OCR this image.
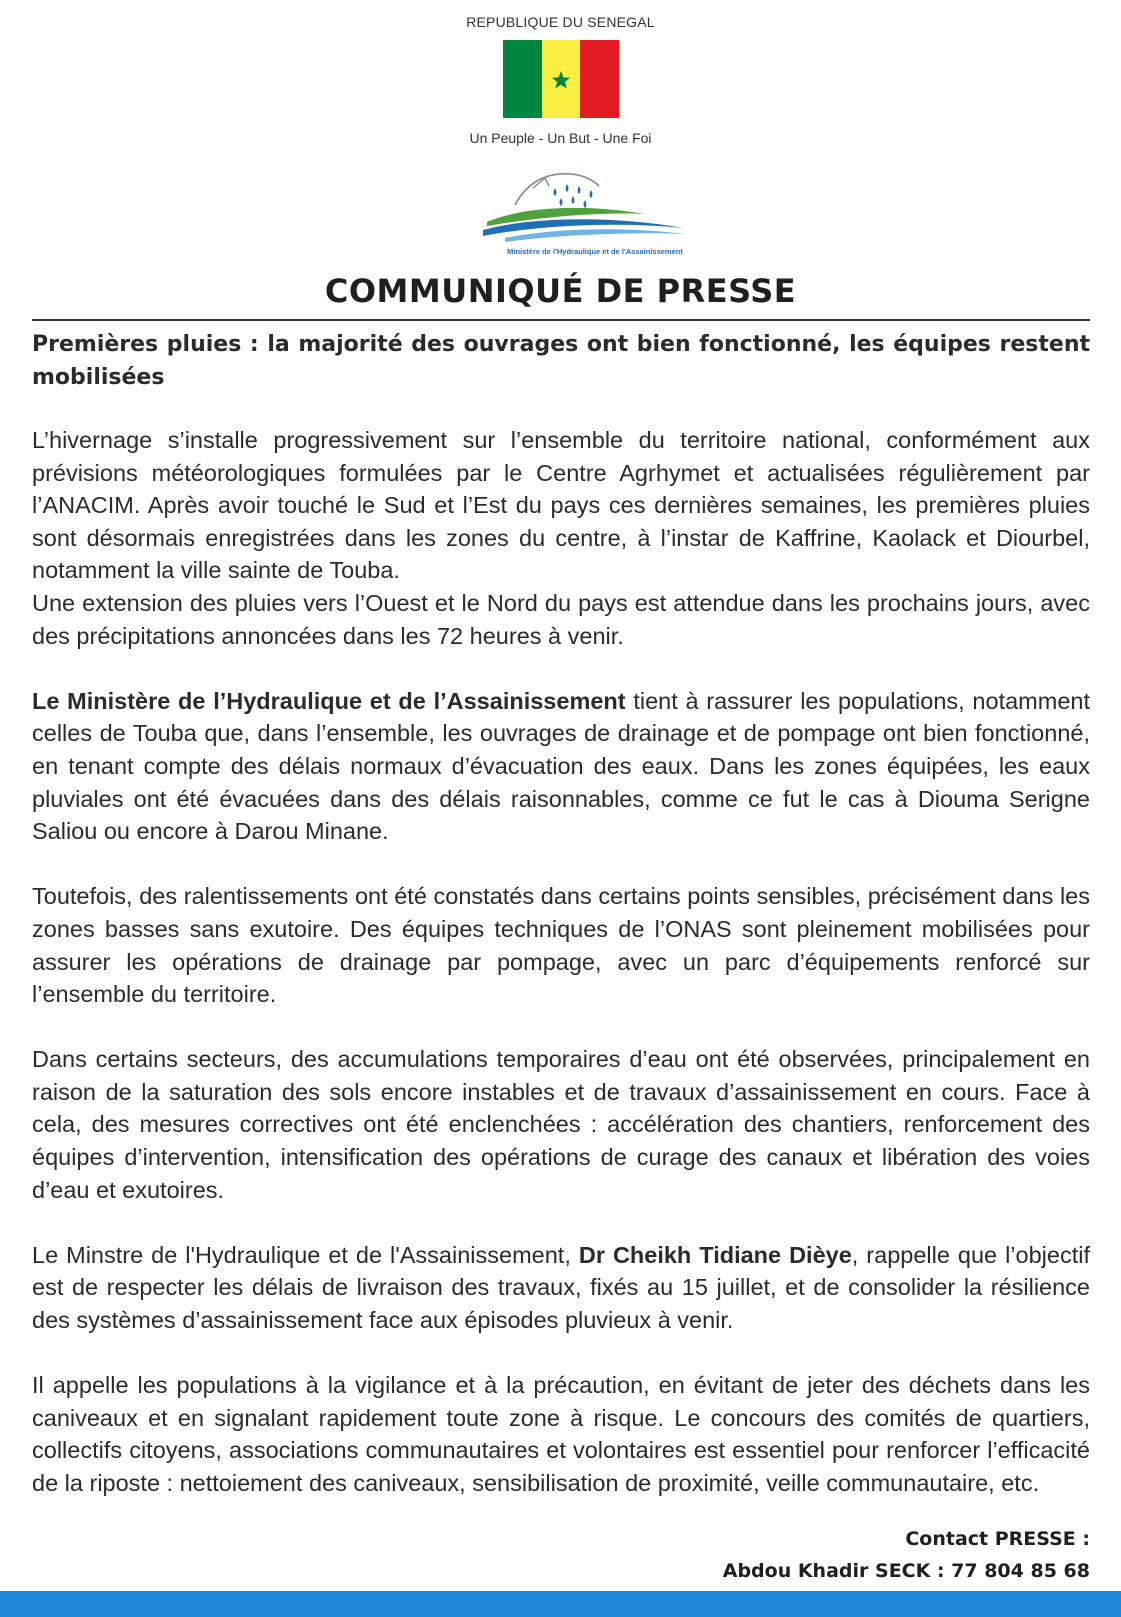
REPUBLIQUE DU SENEGAL
Un Peuple - Un But - Une Foi
Ministère de l'Hydraulique et de l'Assainissement
COMMUNIQUÉ DE PRESSE

Premières pluies : la majorité des ouvrages ont bien fonctionné, les équipes restent mobilisées

L’hivernage s’installe progressivement sur l’ensemble du territoire national, conformément aux prévisions météorologiques formulées par le Centre Agrhymet et actualisées régulièrement par l’ANACIM. Après avoir touché le Sud et l’Est du pays ces dernières semaines, les premières pluies sont désormais enregistrées dans les zones du centre, à l’instar de Kaffrine, Kaolack et Diourbel, notamment la ville sainte de Touba.

Une extension des pluies vers l’Ouest et le Nord du pays est attendue dans les prochains jours, avec des précipitations annoncées dans les 72 heures à venir.

Le Ministère de l’Hydraulique et de l’Assainissement tient à rassurer les populations, notamment celles de Touba que, dans l’ensemble, les ouvrages de drainage et de pompage ont bien fonctionné, en tenant compte des délais normaux d’évacuation des eaux. Dans les zones équipées, les eaux pluviales ont été évacuées dans des délais raisonnables, comme ce fut le cas à Diouma Serigne Saliou ou encore à Darou Minane.

Toutefois, des ralentissements ont été constatés dans certains points sensibles, précisément dans les zones basses sans exutoire. Des équipes techniques de l’ONAS sont pleinement mobilisées pour assurer les opérations de drainage par pompage, avec un parc d’équipements renforcé sur l’ensemble du territoire.

Dans certains secteurs, des accumulations temporaires d’eau ont été observées, principalement en raison de la saturation des sols encore instables et de travaux d’assainissement en cours. Face à cela, des mesures correctives ont été enclenchées : accélération des chantiers, renforcement des équipes d’intervention, intensification des opérations de curage des canaux et libération des voies d’eau et exutoires.

Le Minstre de l'Hydraulique et de l'Assainissement, Dr Cheikh Tidiane Dièye, rappelle que l’objectif est de respecter les délais de livraison des travaux, fixés au 15 juillet, et de consolider la résilience des systèmes d’assainissement face aux épisodes pluvieux à venir.

Il appelle les populations à la vigilance et à la précaution, en évitant de jeter des déchets dans les caniveaux et en signalant rapidement toute zone à risque. Le concours des comités de quartiers, collectifs citoyens, associations communautaires et volontaires est essentiel pour renforcer l’efficacité de la riposte : nettoiement des caniveaux, sensibilisation de proximité, veille communautaire, etc.

Contact PRESSE :
Abdou Khadir SECK : 77 804 85 68
